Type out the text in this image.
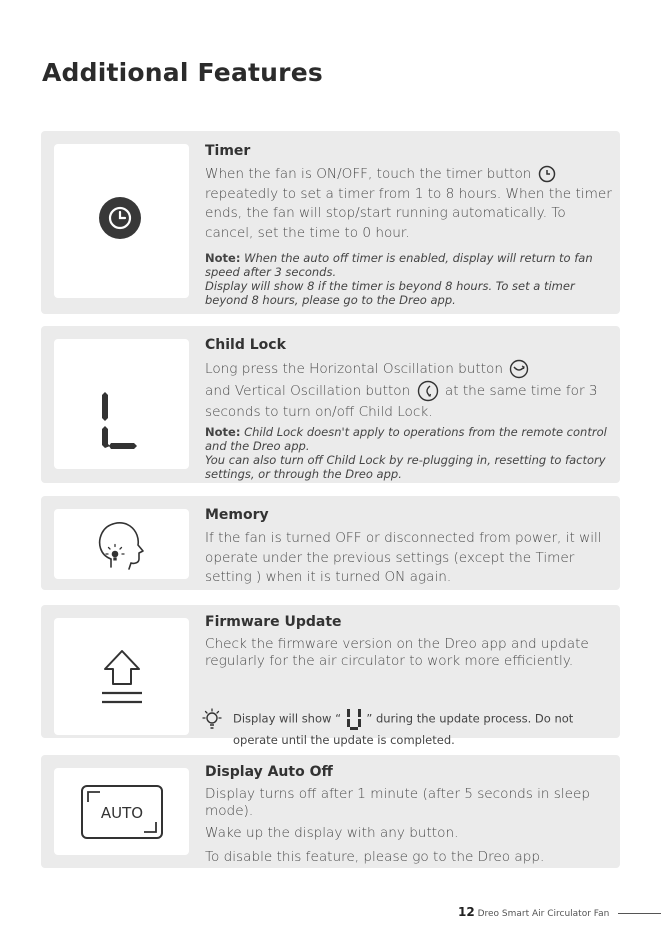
Additional Features
Timer

When the fan is ON/OFF, touch the timer button  repeatedly to set a timer from 1 to 8 hours. When the timer ends, the fan will stop/start running automatically. To cancel, set the time to 0 hour.

Note: When the auto off timer is enabled, display will return to fan speed after 3 seconds.
Display will show 8 if the timer is beyond 8 hours. To set a timer beyond 8 hours, please go to the Dreo app.

Child Lock

Long press the Horizontal Oscillation button
and Vertical Oscillation button	at the same time for 3 seconds to turn on/off Child Lock.

Note: Child Lock doesn't apply to operations from the remote control and the Dreo app.
You can also turn off Child Lock by re-plugging in, resetting to factory settings, or through the Dreo app.

Memory

If the fan is turned OFF or disconnected from power, it will operate under the previous settings (except the Timer setting ) when it is turned ON again.

Firmware Update

Check the firmware version on the Dreo app and update regularly for the air circulator to work more efficiently.

Display will show “ ” during the update process. Do not operate until the update is completed.
AUTO
Display Auto Off

Display turns off after 1 minute (after 5 seconds in sleep mode).

Wake up the display with any button.

To disable this feature, please go to the Dreo app.

12 Dreo Smart Air Circulator Fan
